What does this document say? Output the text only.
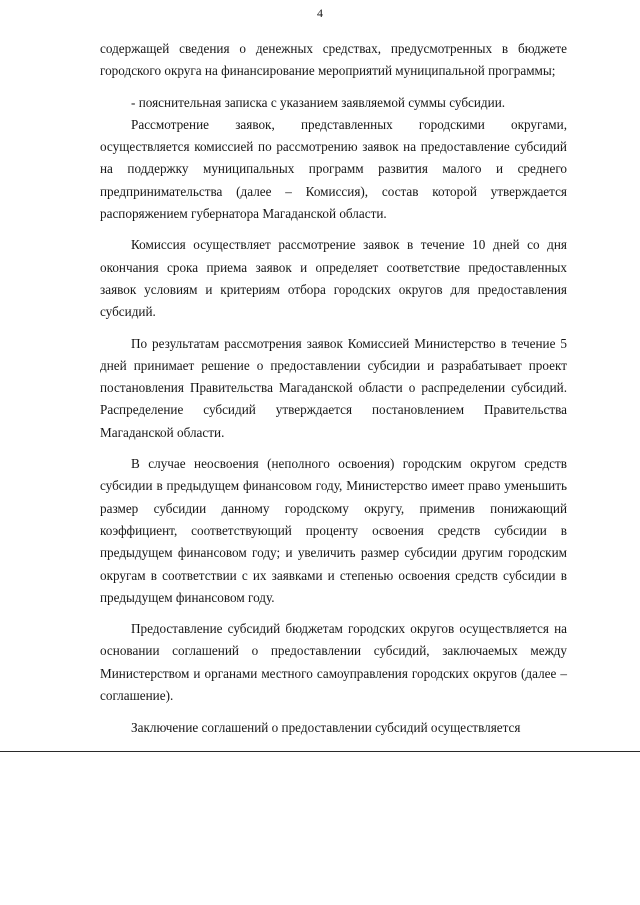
4

содержащей сведения о денежных средствах, предусмотренных в бюджете городского округа на финансирование мероприятий муниципальной программы;

- пояснительная записка с указанием заявляемой суммы субсидии.

Рассмотрение заявок, представленных городскими округами, осуществляется комиссией по рассмотрению заявок на предоставление субсидий на поддержку муниципальных программ развития малого и среднего предпринимательства (далее – Комиссия), состав которой утверждается распоряжением губернатора Магаданской области.

Комиссия осуществляет рассмотрение заявок в течение 10 дней со дня окончания срока приема заявок и определяет соответствие предоставленных заявок условиям и критериям отбора городских округов для предоставления субсидий.

По результатам рассмотрения заявок Комиссией Министерство в течение 5 дней принимает решение о предоставлении субсидии и разрабатывает проект постановления Правительства Магаданской области о распределении субсидий. Распределение субсидий утверждается постановлением Правительства Магаданской области.

В случае неосвоения (неполного освоения) городским округом средств субсидии в предыдущем финансовом году, Министерство имеет право уменьшить размер субсидии данному городскому округу, применив понижающий коэффициент, соответствующий проценту освоения средств субсидии в предыдущем финансовом году; и увеличить размер субсидии другим городским округам в соответствии с их заявками и степенью освоения средств субсидии в предыдущем финансовом году.

Предоставление субсидий бюджетам городских округов осуществляется на основании соглашений о предоставлении субсидий, заключаемых между Министерством и органами местного самоуправления городских округов (далее – соглашение).

Заключение соглашений о предоставлении субсидий осуществляется
